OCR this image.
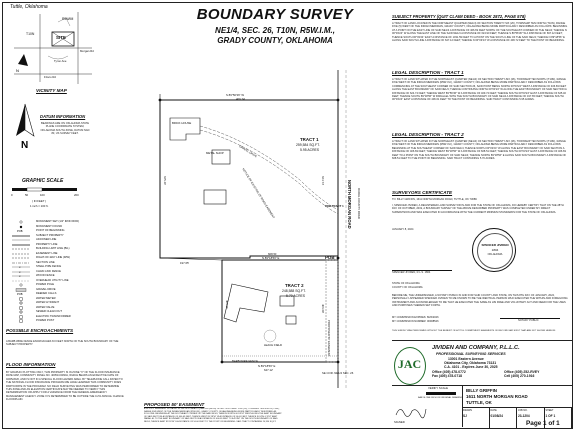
Tuttle, Oklahoma
N
T10N
R5WIM
SITE
Morgan Rd
Frisco Rd
Tyron Ave
VICINITY MAP
N
DATUM INFORMATION
BEARINGS ARE ON OKLAHOMA STATE PLANE COORDINATE SYSTEM, OKLAHOMA SOUTH ZONE, DATUM NAD 83, US SURVEY FEET.
GRAPHIC SCALE
0	50	100	200
( IN FEET )
1 inch = 100 ft.
MONUMENT SET (1/2" IRON ROD)
MONUMENT FOUND
POB	POINT OF BEGINNING
SUBJECT PROPERTY
ADJOINER LINE
PROPERTY LINE
BUILDING LIMIT LINE (B/L)
EASEMENT LINE
RIGHT-OF-WAY LINE (R/W)
SECTION LINE
x	STEEL PIPE FENCE
x	CHAIN LINK FENCE
x	WOOD FENCE
OVERHEAD UTILITY LINE
POWER POLE
GRAVEL DRIVE
POB	DEEDED CALLS
WATER METER
WATER HYDRANT
WATER VALVE
SEWER CLEAN OUT
ELECTRIC TRANSFORMER
POWER POST
POSSIBLE ENCROACHMENTS
A BARB WIRE FENCE ENCROACHES 8.0 FEET NORTH OF THE SOUTH BOUNDARY OF THE SUBJECT PROPERTY.
FLOOD INFORMATION
BY GRAPHIC PLOTTING ONLY, THIS PROPERTY IS IN ZONE "X" OF THE FLOOD INSURANCE RATE MAP, COMMUNITY PANEL NO. 40051C0260H, WHICH BEARS AN EFFECTIVE DATE OF 02/05/2020, AND IS NOT IN A SPECIAL FLOOD HAZARD AREA. BY TELEPHONE CALL DATED TO THE NATIONAL FLOOD INSURANCE PROGRAM WE HAVE LEARNED THIS COMMUNITY DOES PARTICIPATE IN THE PROGRAM. NO FIELD SURVEYING WAS PERFORMED TO DETERMINE THIS ZONE AND AN ELEVATION CERTIFICATE MAY BE NEEDED TO VERIFY THIS DETERMINATION OR APPLY FOR A VARIANCE FROM THE FEDERAL EMERGENCY MANAGEMENT AGENCY. ZONE X IS DETERMINED TO BE OUTSIDE THE 0.2% ANNUAL CHANCE FLOODPLAIN.
BOUNDARY SURVEY
NE1/4, SEC. 26, T10N, R5W.I.M.,
GRADY COUNTY, OKLAHOMA
TRACT 1
259,584 SQ.FT.
5.95 ACRES
TRACT 2
248,588 SQ.FT.
5.70 ACRES
S 89°56'36" W
409.74'
N 89°18'56" E
608.51'
N 89°18'56" E
647.12'
624.74'
406.69'
625.40'
406.61'
197.65'
POB
POB TRACT 1
SE COR. NE1/4 SEC. 26
NORTH MORGAN ROAD RURAL COUNTY ROAD
PROPOSED 50' EASEMENT
GRAVEL DRIVE
NOTICE OF EXISTING 25' ROAD EASEMENT
LEACH FIELD
BRICK HOUSE
METAL SHOP
BARB WIRE FENCE
PROPOSED 50' EASEMENT
A 50 FOOT EASEMENT SITUATED IN THE NORTHEAST QUARTER (NE1/4) OF SECTION TWENTY-SIX (26), TOWNSHIP TEN NORTH (T10N), RANGE FIVE WEST OF THE INDIAN MERIDIAN (R5W.I.M.), GRADY COUNTY, OKLAHOMA BEING MORE PARTICULARLY DESCRIBED AS FOLLOWS: BEGINNING AT THE SOUTHEAST CORNER OF THE SAID NE1/4; THENCE NORTH 00°03'24" WEST ALONG THE EAST BOUNDARY OF SAID SECTION A DISTANCE OF 406.69 FEET; THENCE WEST 89°18'56" W A DISTANCE OF 50.00 FEET; THENCE SOUTH 0°3'24" EAST PARALLEL TO THE EAST BOUNDARY OF SAID SECTION A DISTANCE OF 406.69 FEET TO A POINT ON THE SOUTH BOUNDARY OF SAID NE1/4; THENCE EAST 89°18'56" E A DISTANCE OF 50.00 FEET TO THE POINT OF BEGINNING. SAID TRACT CONTAINING 20,334 SQ.FT.
SUBJECT PROPERTY (QUIT CLAIM DEED - BOOK 2872, PAGE 578)
A TRACT OF LAND LOCATED IN THE NORTHEAST QUARTER (NE1/4) OF SECTION TWENTY-SIX (26), TOWNSHIP TEN NORTH (T10N), RANGE FIVE (5) WEST OF THE INDIAN MERIDIAN, GRADY COUNTY, OKLAHOMA BEING MORE PARTICULARLY DESCRIBED AS FOLLOWS: BEGINNING AT A POINT ON THE EAST LINE OF SAID NE1/4 A DISTANCE OF 406.69 FEET NORTH OF THE SOUTHEAST CORNER OF THE NE1/4; THENCE N 00°03'24" W ALONG THE EAST LINE OF THE SAID NE1/4 A DISTANCE OF 624.90 FEET; THENCE S 89°56'36" W A DISTANCE OF 697.12 FEET; THENCE SOUTH 00°03'24" EAST A DISTANCE OF 1031.59 FEET TO A POINT ON THE SOUTH LINE OF THE SAID NE1/4; THENCE N 89°18'56" E ALONG SAID SOUTH LINE A DISTANCE OF 647.12 FEET; THENCE N 00°03'24" W A DISTANCE OF 406.72 FEET TO THE POINT OF BEGINNING.
LEGAL DESCRIPTION - TRACT 1
A TRACT OF LAND SITUATED IN THE NORTHEAST QUARTER (NE1/4) OF SECTION TWENTY-SIX (26), TOWNSHIP TEN NORTH (T10N), RANGE FIVE WEST OF THE INDIAN MERIDIAN (R5W.I.M.), GRADY COUNTY, OKLAHOMA BEING MORE PARTICULARLY DESCRIBED AS FOLLOWS: COMMENCING AT THE SOUTHEAST CORNER OF SAID SECTION 26, SAID POINT BEING NORTH 00°03'24" WEST A DISTANCE OF 406.69 FEET ALONG THE EAST BOUNDARY OF SAID NE1/4; THENCE CONTINUING NORTH 00°03'24" W ALONG THE EAST BOUNDARY OF SAID SECTION A DISTANCE OF 624.74 FEET; THENCE WEST 89°56'36" W A DISTANCE OF 409.74 FEET; THENCE SOUTH 00°03'24" EAST A DISTANCE OF 625.40 FEET; THENCE SOUTH 89°18'56" W PARALLEL WITH THE SOUTH BOUNDARY OF SAID NE1/4 A DISTANCE OF 197.65 FEET; THENCE SOUTH 00°03'24" EAST A DISTANCE OF 406.61 FEET TO THE POINT OF BEGINNING. SAID TRACT CONTAINING 5.95 ACRES.
LEGAL DESCRIPTION - TRACT 2
A TRACT OF LAND SITUATED IN THE NORTHEAST QUARTER (NE1/4) OF SECTION TWENTY-SIX (26), TOWNSHIP TEN NORTH (T10N), RANGE FIVE WEST OF THE INDIAN MERIDIAN (R5W.I.M.), GRADY COUNTY, OKLAHOMA BEING MORE PARTICULARLY DESCRIBED AS FOLLOWS: BEGINNING AT THE SOUTHEAST CORNER OF SAID NE1/4; THENCE NORTH 00°03'24" W ALONG THE EAST BOUNDARY OF SAID SECTION A DISTANCE OF 406.69 FEET; THENCE WEST 89°18'56" W A DISTANCE OF 608.51 FEET; THENCE SOUTH 00°03'24" EAST A DISTANCE OF 406.69 FEET TO A POINT ON THE SOUTH BOUNDARY OF SAID NE1/4; THENCE NORTH 89°18'56" E ALONG SAID SOUTH BOUNDARY A DISTANCE OF 608.51 FEET TO THE POINT OF BEGINNING. SAID TRACT CONTAINING 5.70 ACRES.
SURVEYORS CERTIFICATE
TO: BILLY GRIFFIN, 1611 NORTH MORGAN ROAD, TUTTLE, OK 73089
I, SPENCER JIVIDEN, A REGISTERED LAND SURVEYOR IN AND FOR THE STATE OF OKLAHOMA, DO HEREBY CERTIFY THAT ON THE 28TH DAY OF OCTOBER, 2019, A BOUNDARY SURVEY OF THE ABOVE DESCRIBED PROPERTY WAS COMPLETED UNDER MY DIRECT SUPERVISION AND WAS EXECUTED IN ACCORDANCE WITH THE CURRENT MINIMUM STANDARDS FOR THE STATE OF OKLAHOMA.
JANUARY 8, 2024
SPENCER JIVIDEN, R.L.S. 1804
SPENCER JIVIDEN
1804
OKLAHOMA
STATE OF OKLAHOMA
COUNTY OF OKLAHOMA
BEFORE ME, THE UNDERSIGNED, A NOTARY PUBLIC IN AND FOR SAID COUNTY AND STATE, ON THIS 8TH DAY OF JANUARY, 2024, PERSONALLY APPEARED SPENCER JIVIDEN TO ME KNOWN TO BE THE IDENTICAL PERSON WHO EXECUTED THE WITHIN AND FOREGOING INSTRUMENT AND ACKNOWLEDGED TO ME THAT HE EXECUTED THE SAME AS HIS FREE AND VOLUNTARY ACT AND DEED FOR THE USES AND PURPOSES THEREIN SET FORTH.
MY COMMISSION EXPIRES: 8/26/2026
MY COMMISSION NUMBER: 00008526	NOTARY PUBLIC
THIS SURVEY WAS PERFORMED WITHOUT THE BENEFIT OF A TITLE COMMITMENT. EASEMENTS OF RECORD MAY EXIST THAT ARE NOT SHOWN HEREON.
JAC
JIVIDEN AND COMPANY, P.L.L.C.
PROFESSIONAL SURVEYING SERVICES
13001 Eastern Avenue
Oklahoma City, Oklahoma 73131
C.A. 4101 - Expires June 30, 2025
Office (405) 478-0772
Fax (405) 478-0718
Office (405) 252-RVEY
Cell (405) 270-1916
VERIFY SCALE
BAR IS ONE INCH ON ORIGINAL DRAWING
SIGNED
BILLY GRIFFIN
1611 NORTH MORGAN ROAD
TUTTLE, OK
DRAWN
SJ
DATE
01/08/24
JOB NO.
23-1204
SHEET
1 OF 1
Page 1 of 1
